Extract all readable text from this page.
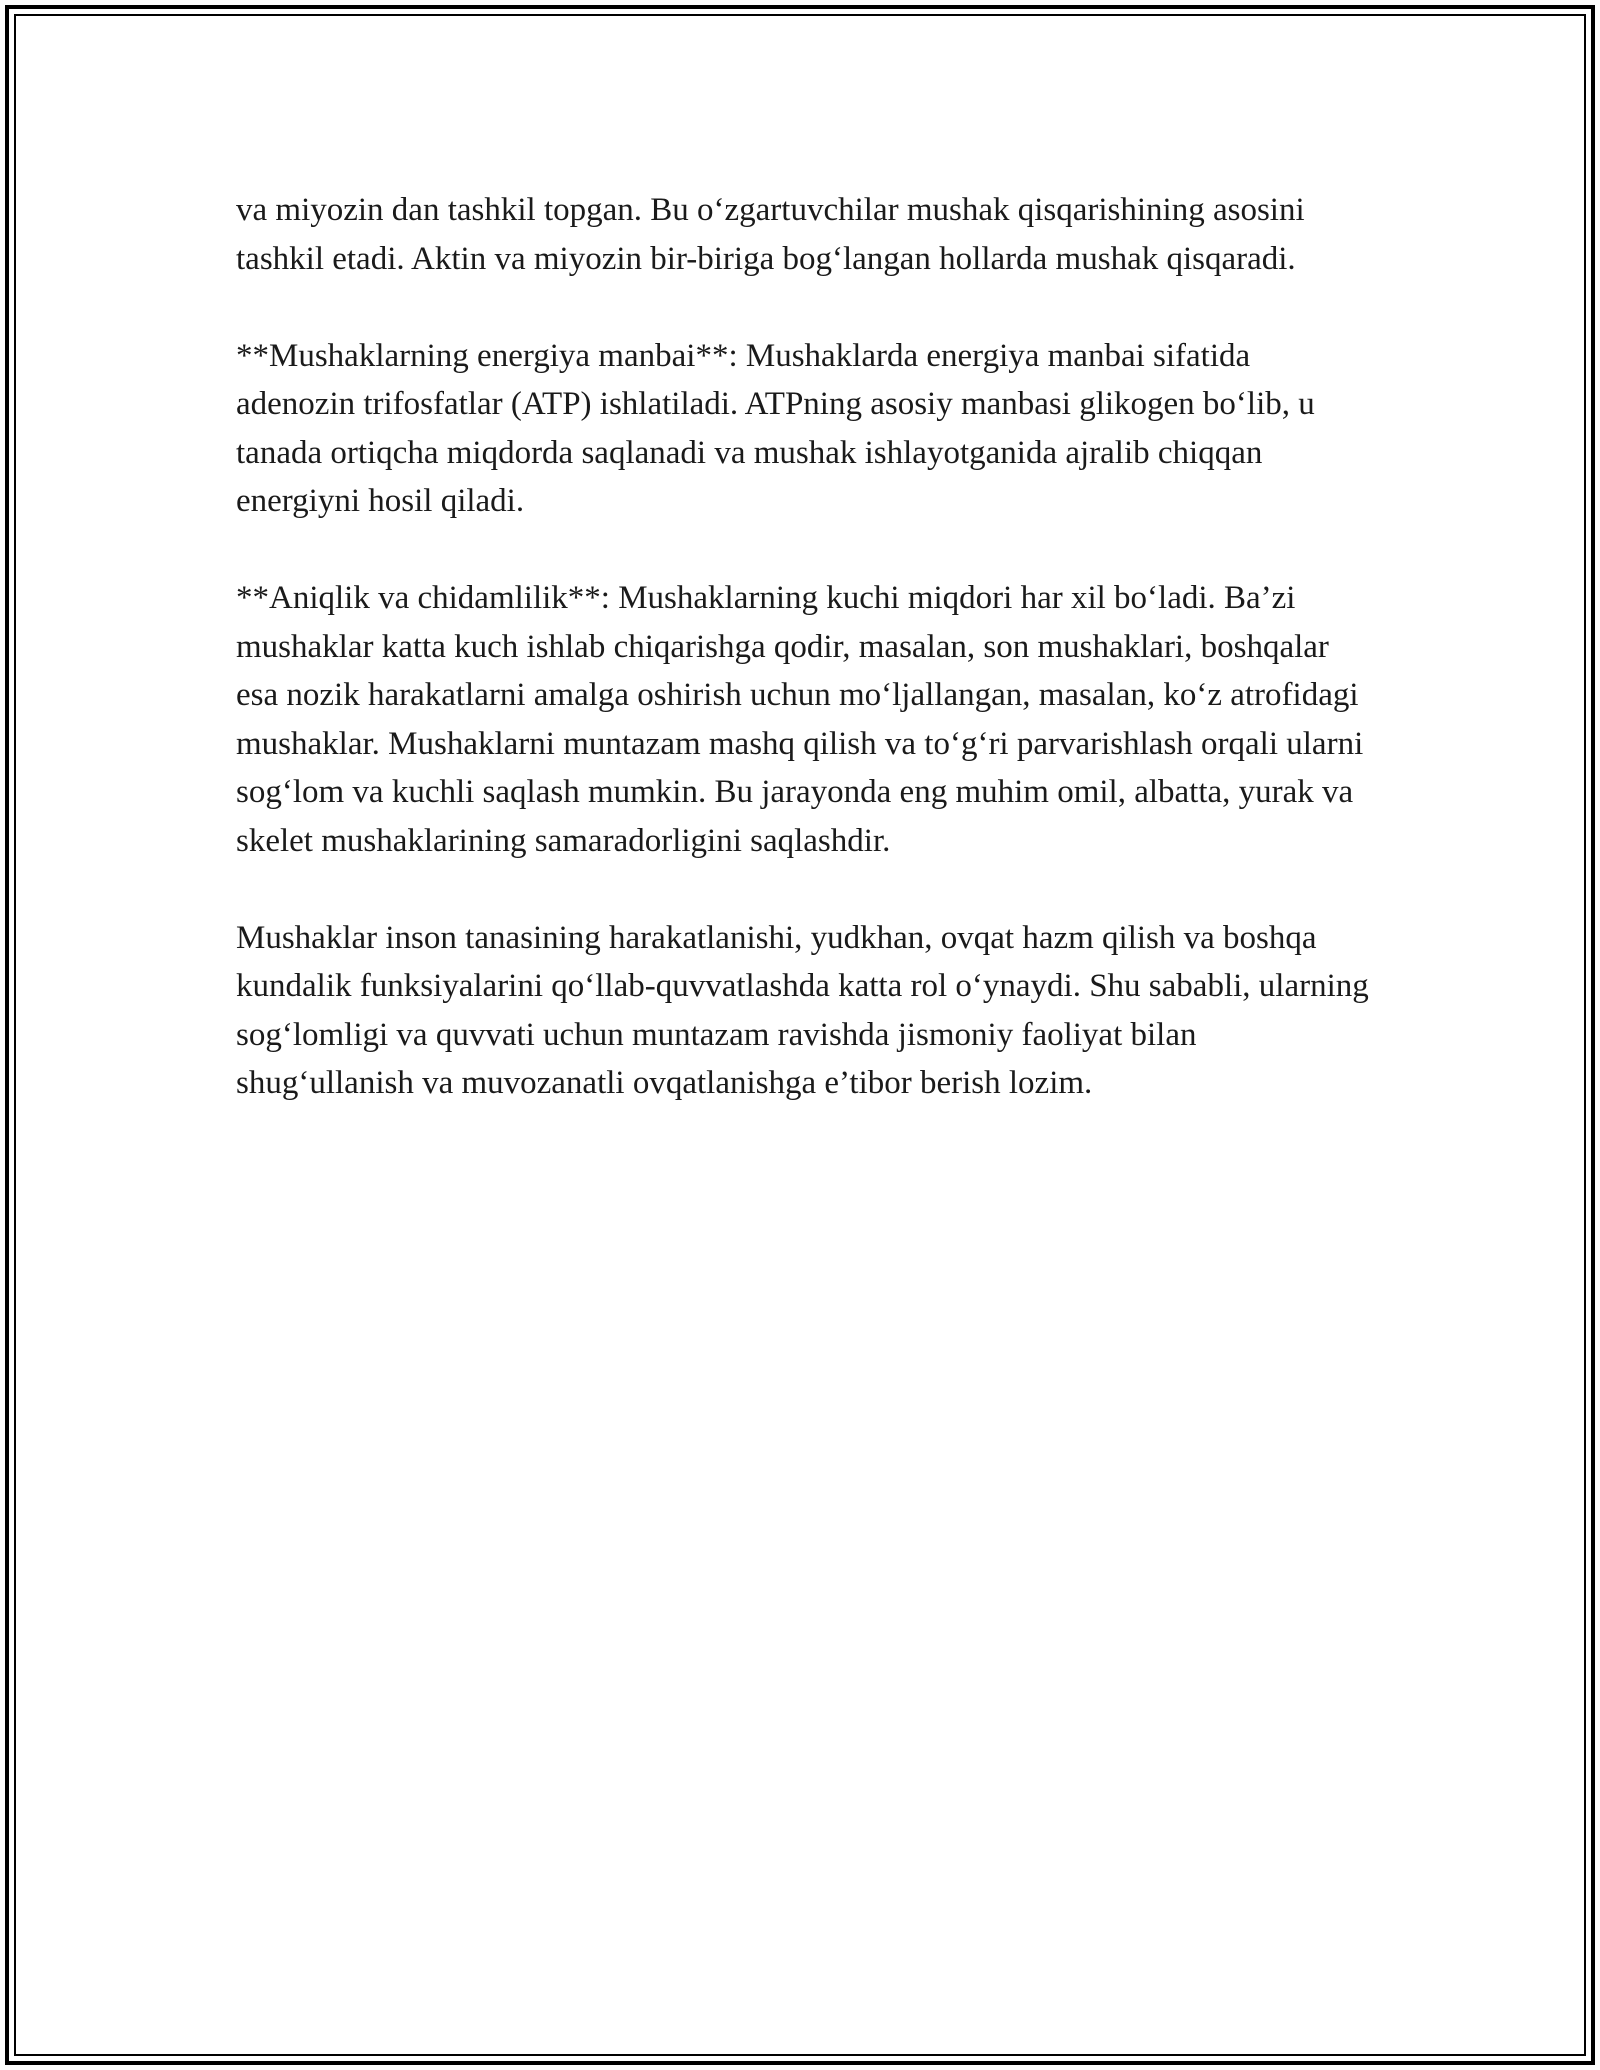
va miyozin dan tashkil topgan. Bu o‘zgartuvchilar mushak qisqarishining asosini tashkil etadi. Aktin va miyozin bir-biriga bog‘langan hollarda mushak qisqaradi.

**Mushaklarning energiya manbai**: Mushaklarda energiya manbai sifatida adenozin trifosfatlar (ATP) ishlatiladi. ATPning asosiy manbasi glikogen bo‘lib, u tanada ortiqcha miqdorda saqlanadi va mushak ishlayotganida ajralib chiqqan energiyni hosil qiladi.

**Aniqlik va chidamlilik**: Mushaklarning kuchi miqdori har xil bo‘ladi. Ba’zi mushaklar katta kuch ishlab chiqarishga qodir, masalan, son mushaklari, boshqalar esa nozik harakatlarni amalga oshirish uchun mo‘ljallangan, masalan, ko‘z atrofidagi mushaklar. Mushaklarni muntazam mashq qilish va to‘g‘ri parvarishlash orqali ularni sog‘lom va kuchli saqlash mumkin. Bu jarayonda eng muhim omil, albatta, yurak va skelet mushaklarining samaradorligini saqlashdir.

Mushaklar inson tanasining harakatlanishi, yudkhan, ovqat hazm qilish va boshqa kundalik funksiyalarini qo‘llab-quvvatlashda katta rol o‘ynaydi. Shu sababli, ularning sog‘lomligi va quvvati uchun muntazam ravishda jismoniy faoliyat bilan shug‘ullanish va muvozanatli ovqatlanishga e’tibor berish lozim.
